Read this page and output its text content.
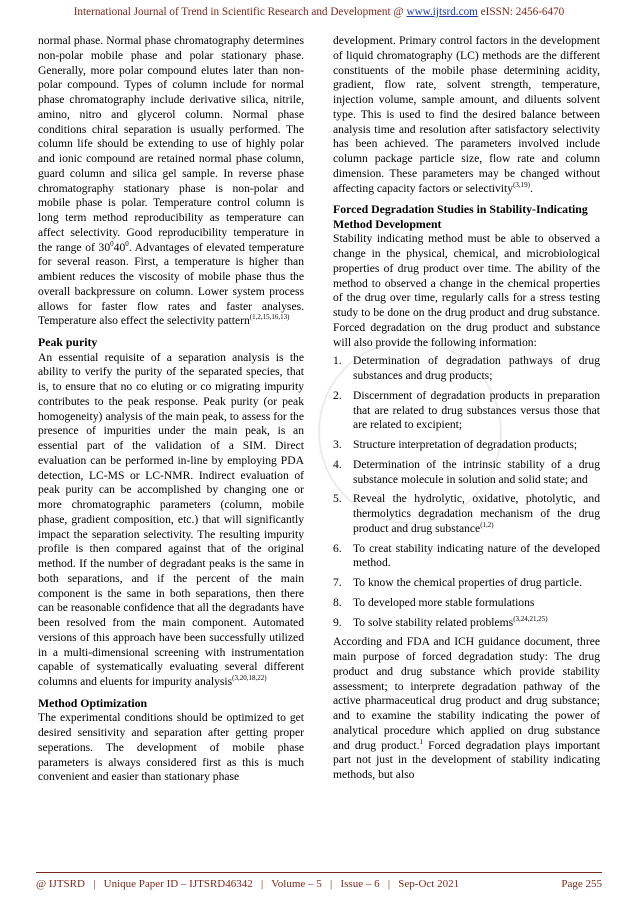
International Journal of Trend in Scientific Research and Development @ www.ijtsrd.com eISSN: 2456-6470

normal phase. Normal phase chromatography determines non-polar mobile phase and polar stationary phase. Generally, more polar compound elutes later than non-polar compound. Types of column include for normal phase chromatography include derivative silica, nitrile, amino, nitro and glycerol column. Normal phase conditions chiral separation is usually performed. The column life should be extending to use of highly polar and ionic compound are retained normal phase column, guard column and silica gel sample. In reverse phase chromatography stationary phase is non-polar and mobile phase is polar. Temperature control column is long term method reproducibility as temperature can affect selectivity. Good reproducibility temperature in the range of $30^040^0$. Advantages of elevated temperature for several reason. First, a temperature is higher than ambient reduces the viscosity of mobile phase thus the overall backpressure on column. Lower system process allows for faster flow rates and faster analyses. Temperature also effect the selectivity pattern$^{(1,2,15,16,13)}$

Peak purity

An essential requisite of a separation analysis is the ability to verify the purity of the separated species, that is, to ensure that no co eluting or co migrating impurity contributes to the peak response. Peak purity (or peak homogeneity) analysis of the main peak, to assess for the presence of impurities under the main peak, is an essential part of the validation of a SIM. Direct evaluation can be performed in-line by employing PDA detection, LC-MS or LC-NMR. Indirect evaluation of peak purity can be accomplished by changing one or more chromatographic parameters (column, mobile phase, gradient composition, etc.) that will significantly impact the separation selectivity. The resulting impurity profile is then compared against that of the original method. If the number of degradant peaks is the same in both separations, and if the percent of the main component is the same in both separations, then there can be reasonable confidence that all the degradants have been resolved from the main component. Automated versions of this approach have been successfully utilized in a multi-dimensional screening with instrumentation capable of systematically evaluating several different columns and eluents for impurity analysis$^{(3,20,18,22)}$

Method Optimization

The experimental conditions should be optimized to get desired sensitivity and separation after getting proper seperations. The development of mobile phase parameters is always considered first as this is much convenient and easier than stationary phase

development. Primary control factors in the development of liquid chromatography (LC) methods are the different constituents of the mobile phase determining acidity, gradient, flow rate, solvent strength, temperature, injection volume, sample amount, and diluents solvent type. This is used to find the desired balance between analysis time and resolution after satisfactory selectivity has been achieved. The parameters involved include column package particle size, flow rate and column dimension. These parameters may be changed without affecting capacity factors or selectivity$^{(3,19)}$.

Forced Degradation Studies in Stability-Indicating Method Development

Stability indicating method must be able to observed a change in the physical, chemical, and microbiological properties of drug product over time. The ability of the method to observed a change in the chemical properties of the drug over time, regularly calls for a stress testing study to be done on the drug product and drug substance. Forced degradation on the drug product and substance will also provide the following information:

1. Determination of degradation pathways of drug substances and drug products;
2. Discernment of degradation products in preparation that are related to drug substances versus those that are related to excipient;
3. Structure interpretation of degradation products;
4. Determination of the intrinsic stability of a drug substance molecule in solution and solid state; and
5. Reveal the hydrolytic, oxidative, photolytic, and thermolytics degradation mechanism of the drug product and drug substance$^{(1,2)}$
6. To creat stability indicating nature of the developed method.
7. To know the chemical properties of drug particle.
8. To developed more stable formulations
9. To solve stability related problems$^{(3,24,21,25)}$

According and FDA and ICH guidance document, three main purpose of forced degradation study: The drug product and drug substance which provide stability assessment; to interprete degradation pathway of the active pharmaceutical drug product and drug substance; and to examine the stability indicating the power of analytical procedure which applied on drug substance and drug product.$^1$ Forced degradation plays important part not just in the development of stability indicating methods, but also

@ IJTSRD   |   Unique Paper ID – IJTSRD46342   |   Volume – 5   |   Issue – 6   |   Sep-Oct 2021	Page 255
